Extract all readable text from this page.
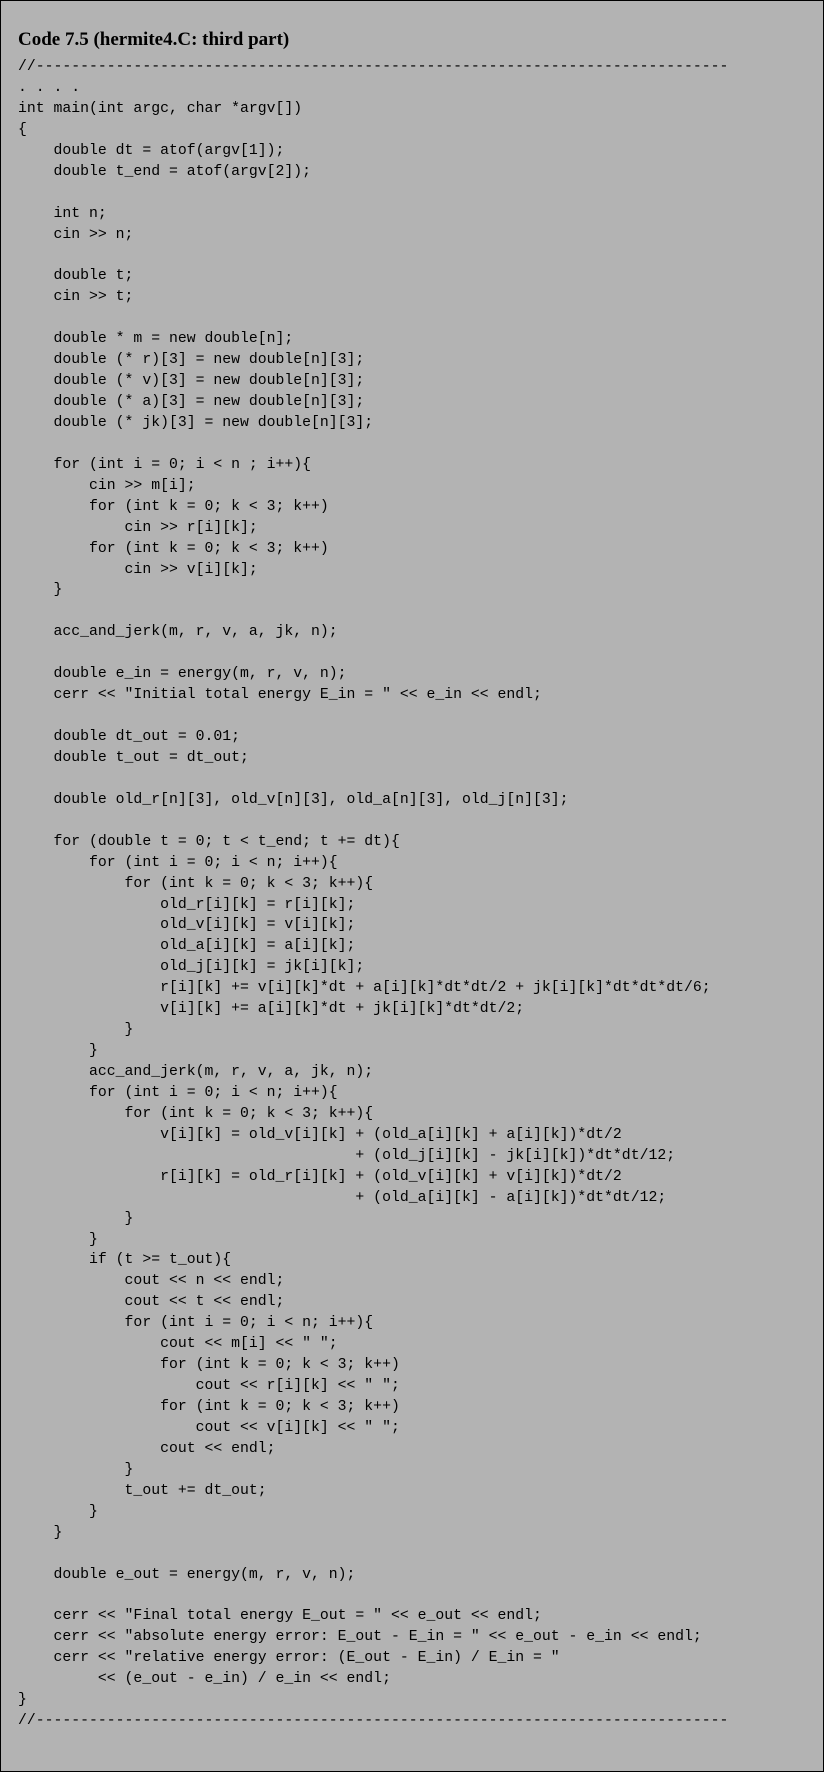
Code 7.5 (hermite4.C: third part)
//------------------------------------------------------------------------------
. . . .
int main(int argc, char *argv[])
{
double dt = atof(argv[1]);
double t_end = atof(argv[2]);
int n;
cin >> n;
double t;
cin >> t;
double * m = new double[n];
double (* r)[3] = new double[n][3];
double (* v)[3] = new double[n][3];
double (* a)[3] = new double[n][3];
double (* jk)[3] = new double[n][3];
for (int i = 0; i < n ; i++){
cin >> m[i];
for (int k = 0; k < 3; k++)
cin >> r[i][k];
for (int k = 0; k < 3; k++)
cin >> v[i][k];
}
acc_and_jerk(m, r, v, a, jk, n);
double e_in = energy(m, r, v, n);
cerr << "Initial total energy E_in = " << e_in << endl;
double dt_out = 0.01;
double t_out = dt_out;
double old_r[n][3], old_v[n][3], old_a[n][3], old_j[n][3];
for (double t = 0; t < t_end; t += dt){
for (int i = 0; i < n; i++){
for (int k = 0; k < 3; k++){
old_r[i][k] = r[i][k];
old_v[i][k] = v[i][k];
old_a[i][k] = a[i][k];
old_j[i][k] = jk[i][k];
r[i][k] += v[i][k]*dt + a[i][k]*dt*dt/2 + jk[i][k]*dt*dt*dt/6;
v[i][k] += a[i][k]*dt + jk[i][k]*dt*dt/2;
}
}
acc_and_jerk(m, r, v, a, jk, n);
for (int i = 0; i < n; i++){
for (int k = 0; k < 3; k++){
v[i][k] = old_v[i][k] + (old_a[i][k] + a[i][k])*dt/2
+ (old_j[i][k] - jk[i][k])*dt*dt/12;
r[i][k] = old_r[i][k] + (old_v[i][k] + v[i][k])*dt/2
+ (old_a[i][k] - a[i][k])*dt*dt/12;
}
}
if (t >= t_out){
cout << n << endl;
cout << t << endl;
for (int i = 0; i < n; i++){
cout << m[i] << " ";
for (int k = 0; k < 3; k++)
cout << r[i][k] << " ";
for (int k = 0; k < 3; k++)
cout << v[i][k] << " ";
cout << endl;
}
t_out += dt_out;
}
}
double e_out = energy(m, r, v, n);
cerr << "Final total energy E_out = " << e_out << endl;
cerr << "absolute energy error: E_out - E_in = " << e_out - e_in << endl;
cerr << "relative energy error: (E_out - E_in) / E_in = "
<< (e_out - e_in) / e_in << endl;
}
//------------------------------------------------------------------------------
